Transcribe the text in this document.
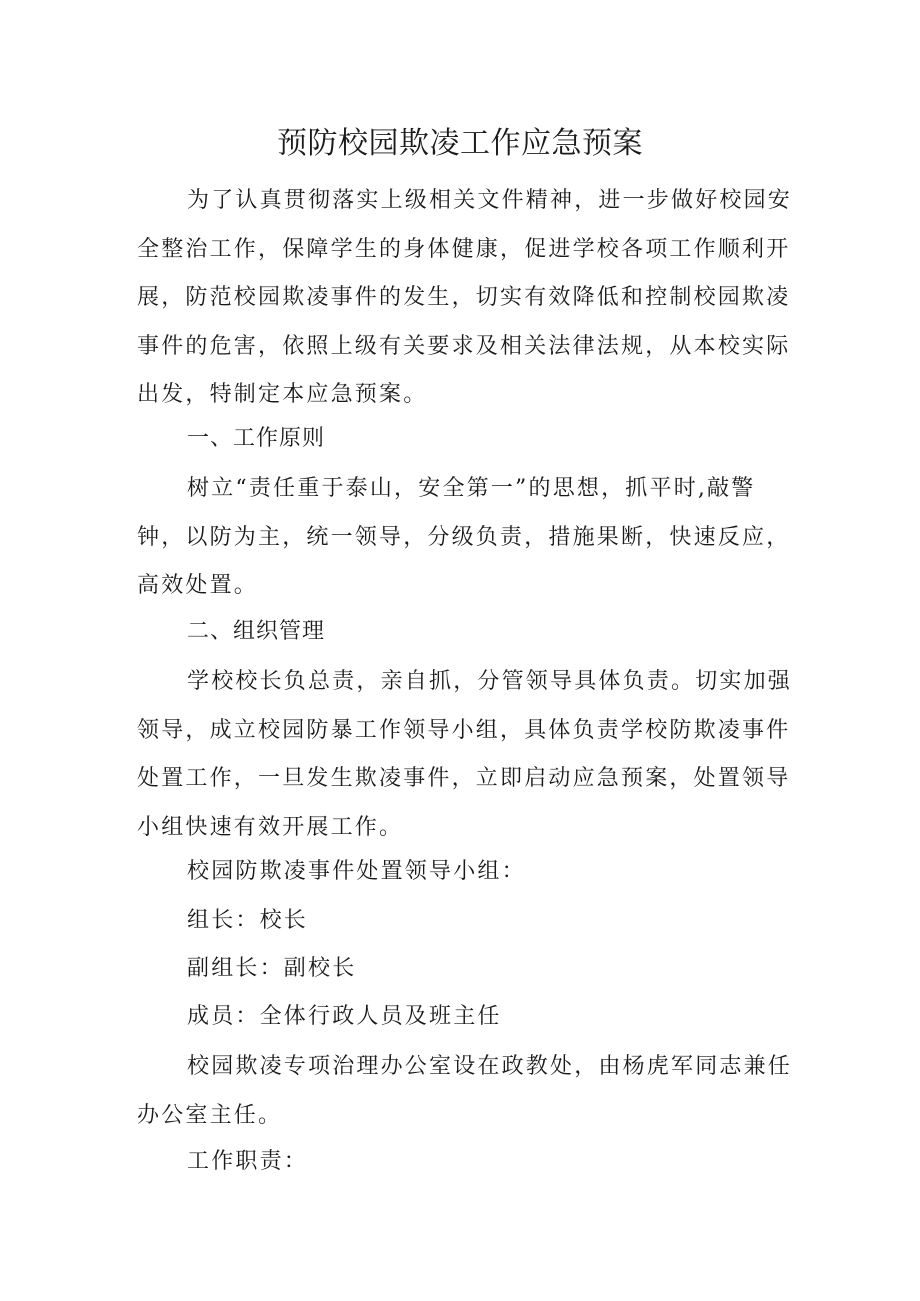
预防校园欺凌工作应急预案

为了认真贯彻落实上级相关文件精神，进一步做好校园安全整治工作，保障学生的身体健康，促进学校各项工作顺利开展，防范校园欺凌事件的发生，切实有效降低和控制校园欺凌事件的危害，依照上级有关要求及相关法律法规，从本校实际出发，特制定本应急预案。

一、工作原则

树立“责任重于泰山，安全第一”的思想，抓平时,敲警钟，以防为主，统一领导，分级负责，措施果断，快速反应，高效处置。

二、组织管理

学校校长负总责，亲自抓，分管领导具体负责。切实加强领导，成立校园防暴工作领导小组，具体负责学校防欺凌事件处置工作，一旦发生欺凌事件，立即启动应急预案，处置领导小组快速有效开展工作。

校园防欺凌事件处置领导小组：

组长：校长

副组长：副校长

成员：全体行政人员及班主任

校园欺凌专项治理办公室设在政教处，由杨虎军同志兼任办公室主任。

工作职责：
